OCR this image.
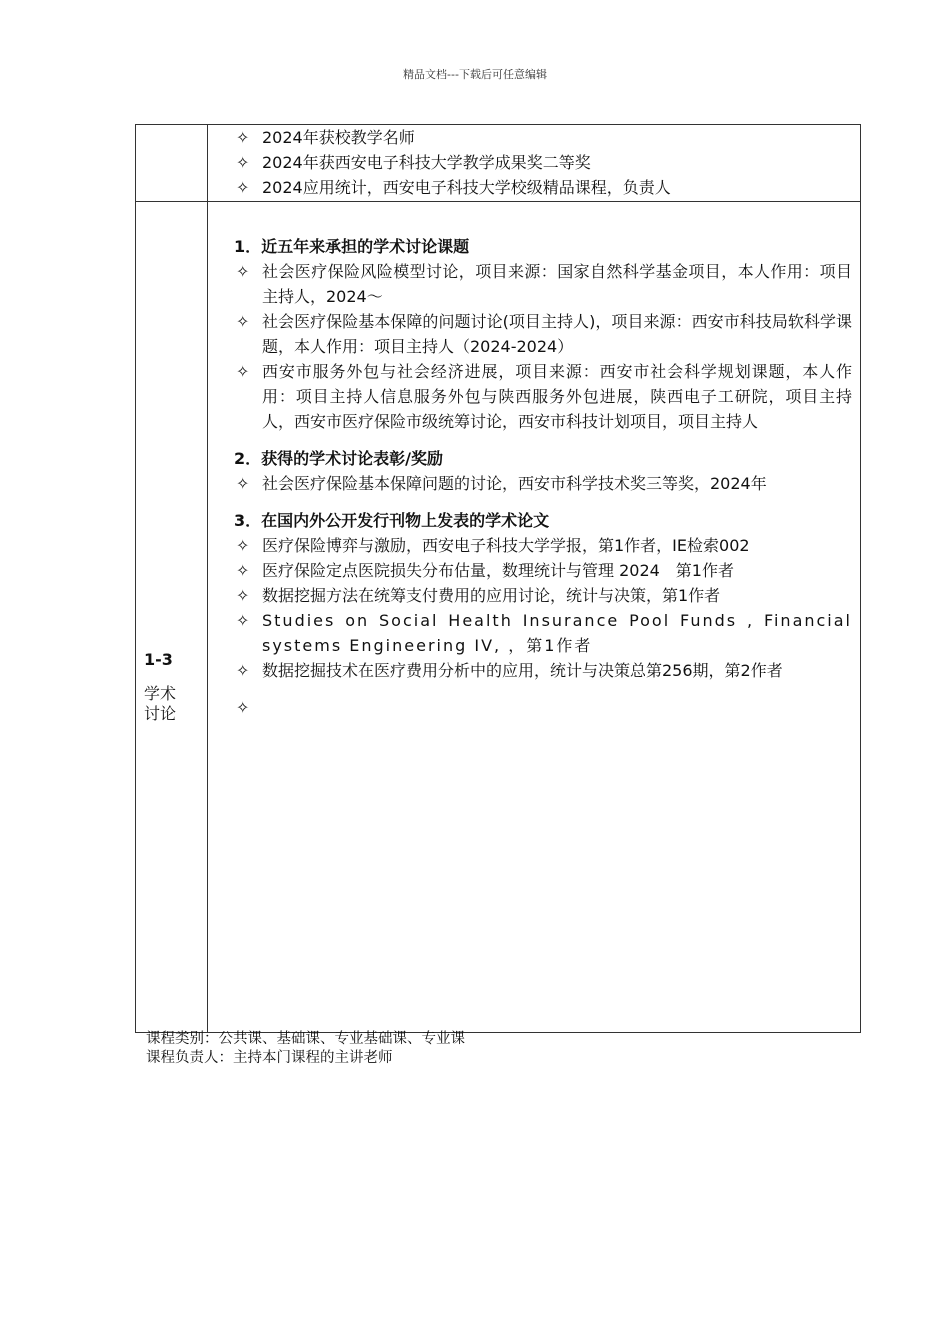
精品文档---下载后可任意编辑
✧ 2024年获校教学名师
✧ 2024年获西安电子科技大学教学成果奖二等奖
✧ 2024应用统计，西安电子科技大学校级精品课程，负责人
1-3
学术
讨论
1．近五年来承担的学术讨论课题
✧ 社会医疗保险风险模型讨论，项目来源：国家自然科学基金项目，本人作用：项目主持人，2024～
✧ 社会医疗保险基本保障的问题讨论(项目主持人)，项目来源：西安市科技局软科学课题，本人作用：项目主持人（2024-2024）
✧ 西安市服务外包与社会经济进展，项目来源：西安市社会科学规划课题，本人作用：项目主持人信息服务外包与陕西服务外包进展，陕西电子工研院，项目主持人，西安市医疗保险市级统筹讨论，西安市科技计划项目，项目主持人
2．获得的学术讨论表彰/奖励
✧ 社会医疗保险基本保障问题的讨论，西安市科学技术奖三等奖，2024年
3．在国内外公开发行刊物上发表的学术论文
✧ 医疗保险博弈与激励，西安电子科技大学学报，第1作者，IE检索002
✧ 医疗保险定点医院损失分布估量，数理统计与管理 2024　第1作者
✧ 数据挖掘方法在统筹支付费用的应用讨论，统计与决策，第1作者
✧ Studies on Social Health Insurance Pool Funds , Financial systems Engineering IV, ，第1作者
✧ 数据挖掘技术在医疗费用分析中的应用，统计与决策总第256期，第2作者
✧
课程类别：公共课、基础课、专业基础课、专业课
课程负责人：主持本门课程的主讲老师
